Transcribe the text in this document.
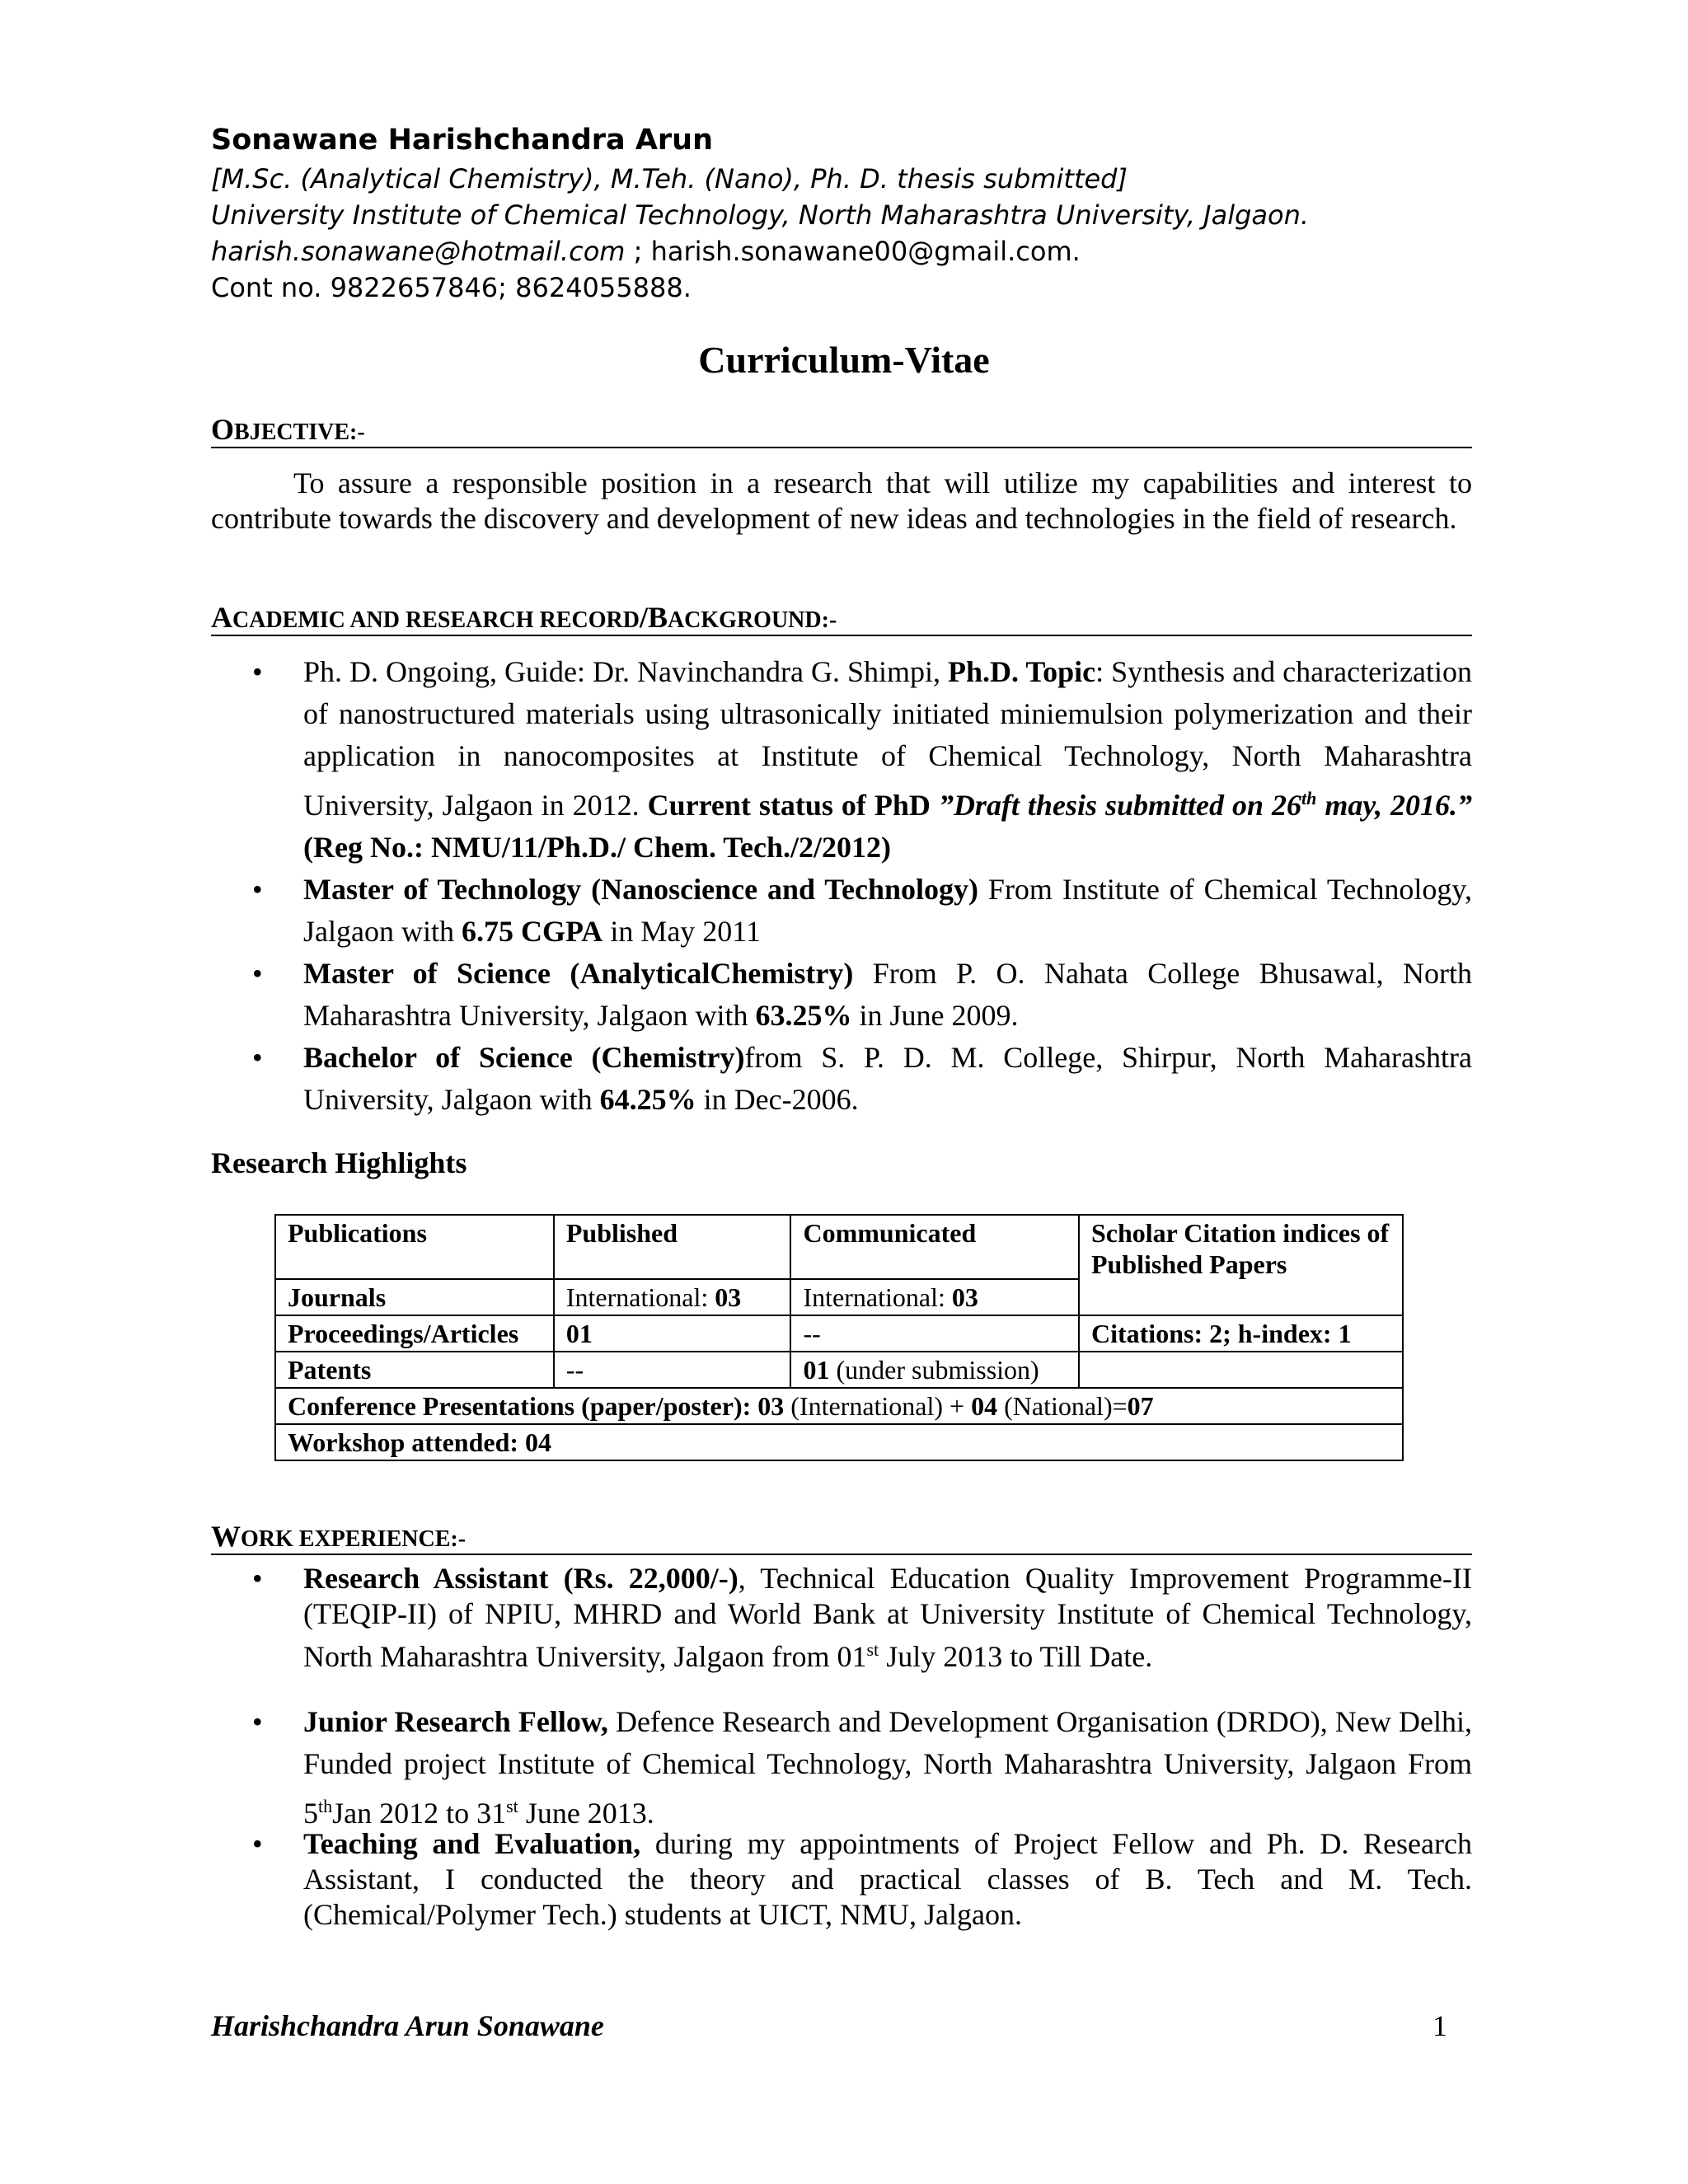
Sonawane Harishchandra Arun
[M.Sc. (Analytical Chemistry), M.Teh. (Nano), Ph. D. thesis submitted]
University Institute of Chemical Technology, North Maharashtra University, Jalgaon.
harish.sonawane@hotmail.com ; harish.sonawane00@gmail.com.
Cont no. 9822657846; 8624055888.
Curriculum-Vitae
OBJECTIVE:-
To assure a responsible position in a research that will utilize my capabilities and interest to contribute towards the discovery and development of new ideas and technologies in the field of research.
ACADEMIC AND RESEARCH RECORD/BACKGROUND:-
• Ph. D. Ongoing, Guide: Dr. Navinchandra G. Shimpi, Ph.D. Topic: Synthesis and characterization of nanostructured materials using ultrasonically initiated miniemulsion polymerization and their application in nanocomposites at Institute of Chemical Technology, North Maharashtra University, Jalgaon in 2012. Current status of PhD ”Draft thesis submitted on 26th may, 2016.” (Reg No.: NMU/11/Ph.D./ Chem. Tech./2/2012)
• Master of Technology (Nanoscience and Technology) From Institute of Chemical Technology, Jalgaon with 6.75 CGPA in May 2011
• Master of Science (AnalyticalChemistry) From P. O. Nahata College Bhusawal, North Maharashtra University, Jalgaon with 63.25% in June 2009.
• Bachelor of Science (Chemistry)from S. P. D. M. College, Shirpur, North Maharashtra University, Jalgaon with 64.25% in Dec-2006.
Research Highlights
Publications	Published	Communicated	Scholar Citation indices of Published Papers
Journals	International: 03	International: 03	
Proceedings/Articles	01	--	Citations: 2; h-index: 1
Patents	--	01 (under submission)	
Conference Presentations (paper/poster): 03 (International) + 04 (National)=07			
Workshop attended: 04			
WORK EXPERIENCE:-
• Research Assistant (Rs. 22,000/-), Technical Education Quality Improvement Programme-II (TEQIP-II) of NPIU, MHRD and World Bank at University Institute of Chemical Technology, North Maharashtra University, Jalgaon from 01st July 2013 to Till Date.
• Junior Research Fellow, Defence Research and Development Organisation (DRDO), New Delhi, Funded project Institute of Chemical Technology, North Maharashtra University, Jalgaon From 5thJan 2012 to 31st June 2013.
• Teaching and Evaluation, during my appointments of Project Fellow and Ph. D. Research Assistant, I conducted the theory and practical classes of B. Tech and M. Tech. (Chemical/Polymer Tech.) students at UICT, NMU, Jalgaon.
Harishchandra Arun Sonawane	1
